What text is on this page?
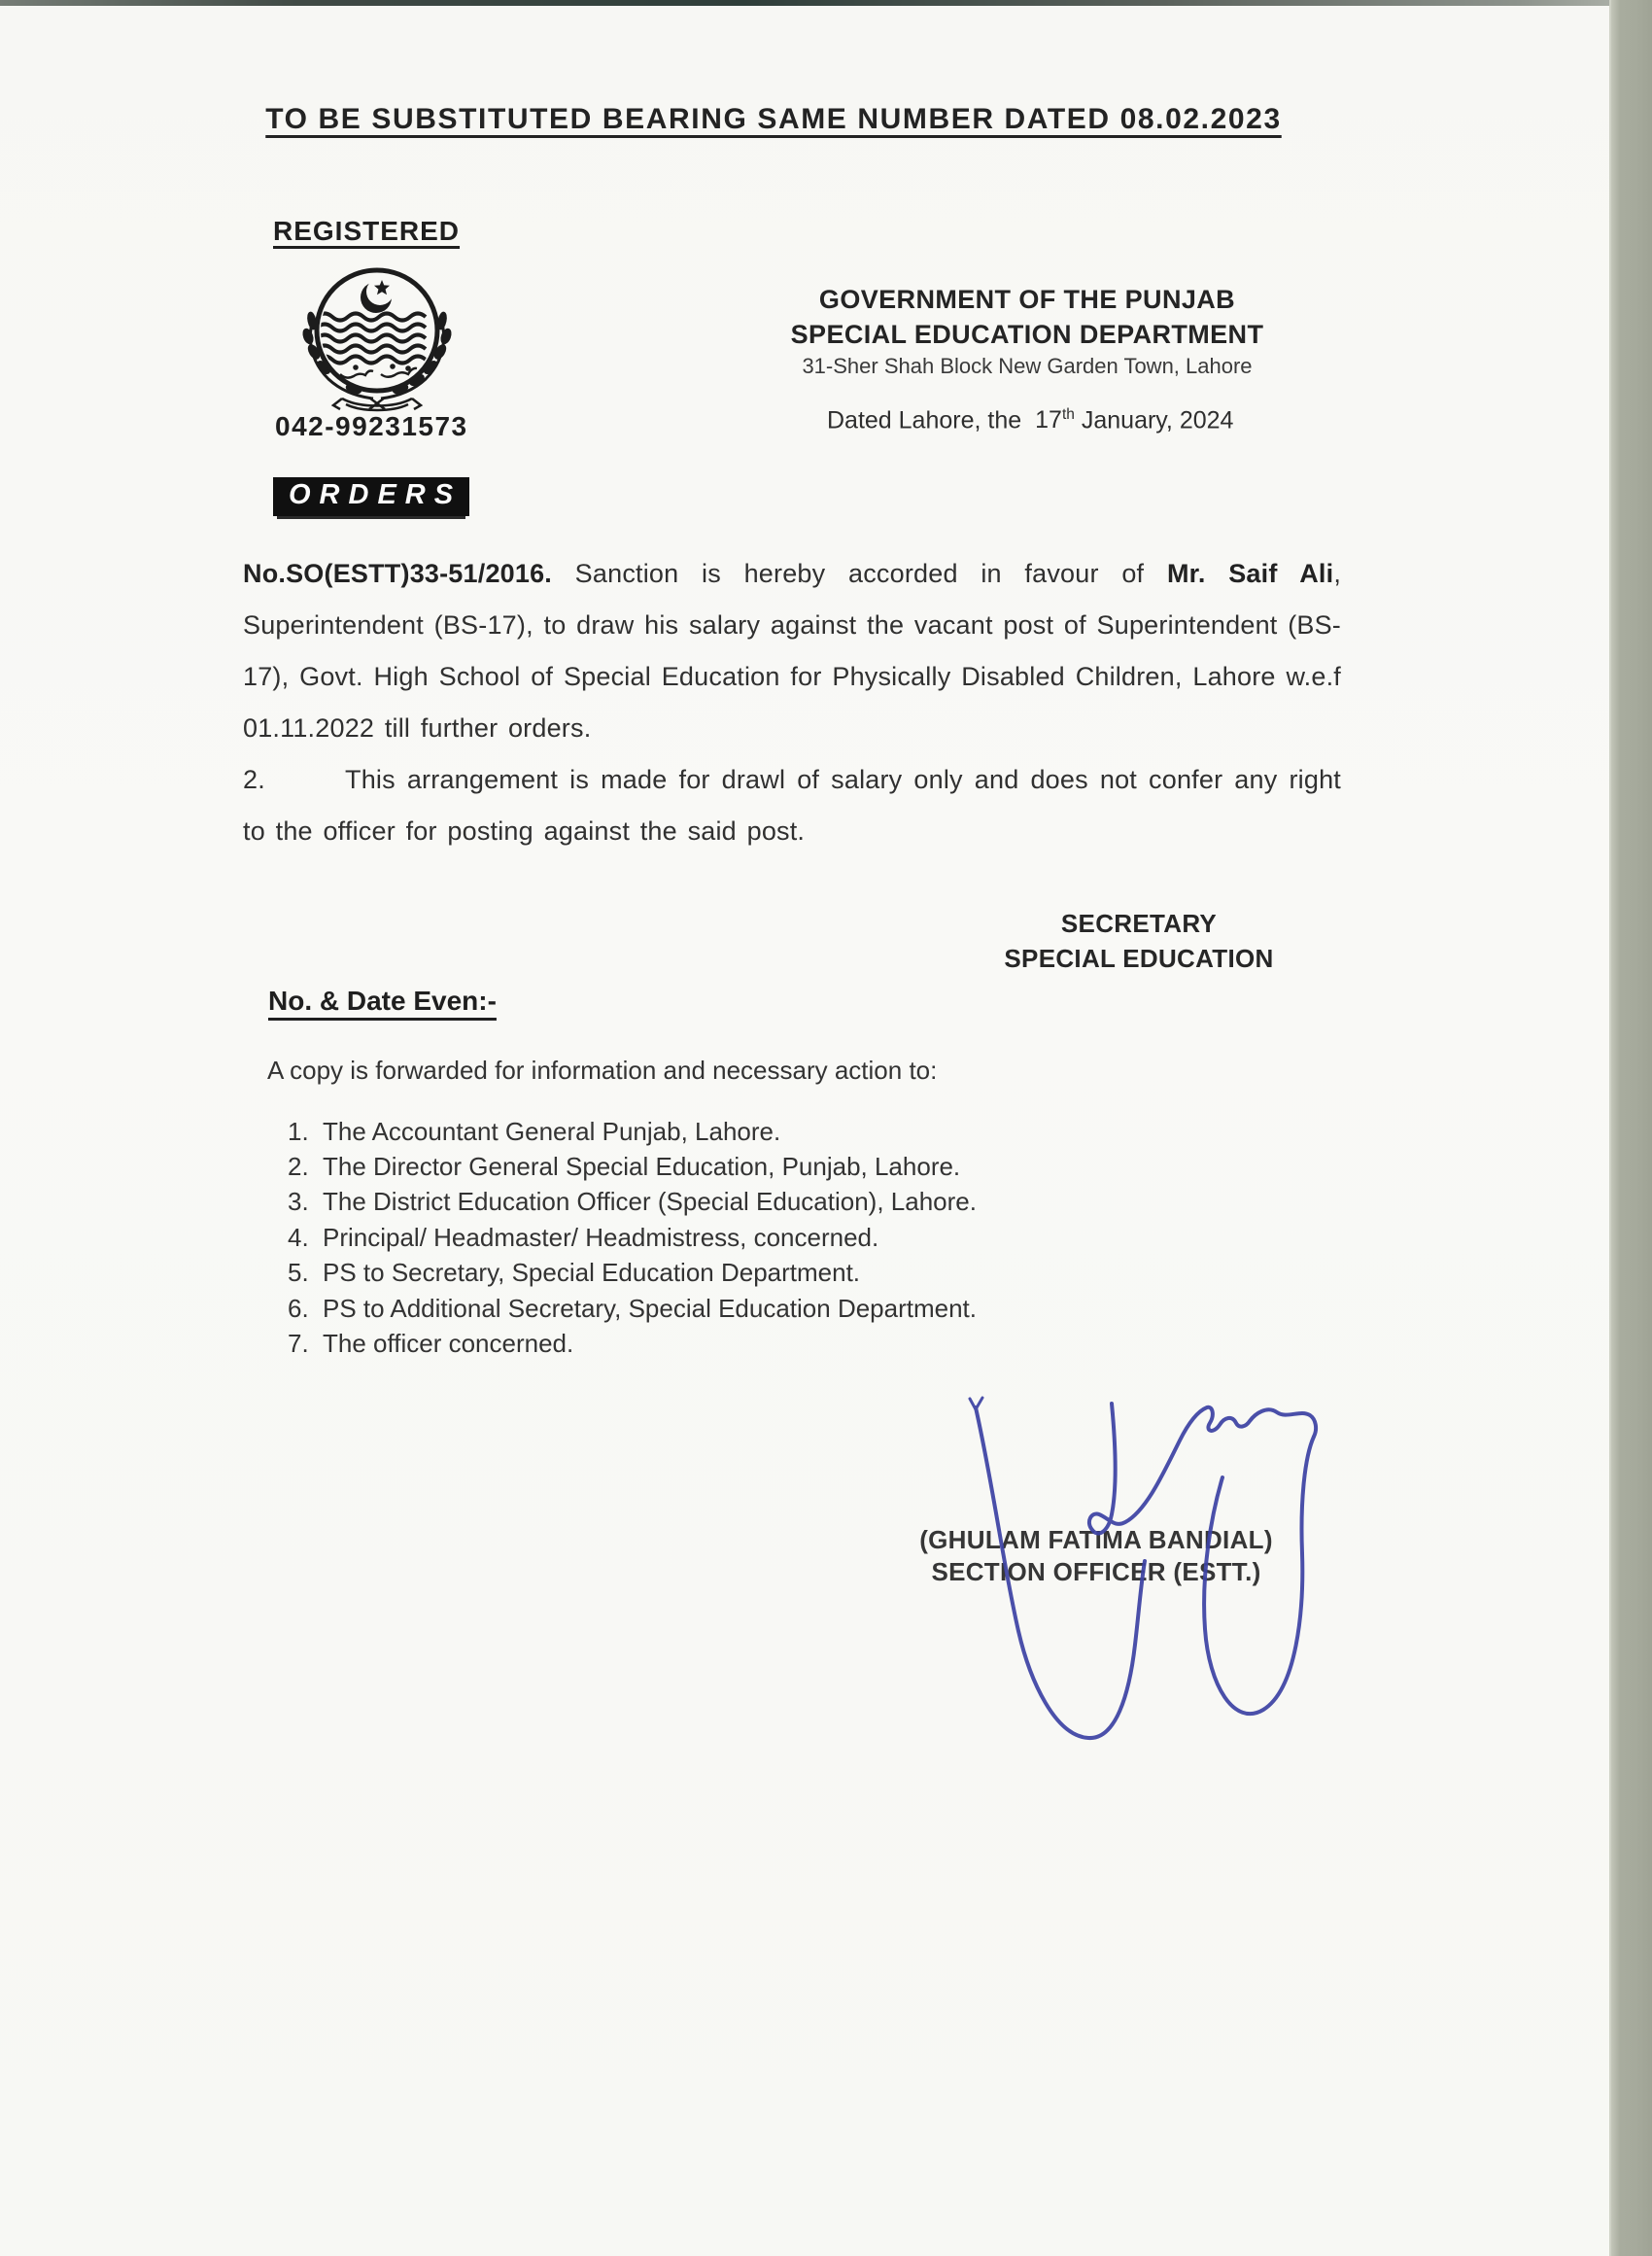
TO BE SUBSTITUTED BEARING SAME NUMBER DATED 08.02.2023
REGISTERED
042-99231573
ORDERS
GOVERNMENT OF THE PUNJAB
SPECIAL EDUCATION DEPARTMENT
31-Sher Shah Block New Garden Town, Lahore
Dated Lahore, the 17th January, 2024

No.SO(ESTT)33-51/2016. Sanction is hereby accorded in favour of Mr. Saif Ali, Superintendent (BS-17), to draw his salary against the vacant post of Superintendent (BS-17), Govt. High School of Special Education for Physically Disabled Children, Lahore w.e.f 01.11.2022 till further orders.

2.	This arrangement is made for drawl of salary only and does not confer any right to the officer for posting against the said post.

SECRETARY
SPECIAL EDUCATION
No. & Date Even:-
A copy is forwarded for information and necessary action to:
1. The Accountant General Punjab, Lahore.
2. The Director General Special Education, Punjab, Lahore.
3. The District Education Officer (Special Education), Lahore.
4. Principal/ Headmaster/ Headmistress, concerned.
5. PS to Secretary, Special Education Department.
6. PS to Additional Secretary, Special Education Department.
7. The officer concerned.
(GHULAM FATIMA BANDIAL)
SECTION OFFICER (ESTT.)
